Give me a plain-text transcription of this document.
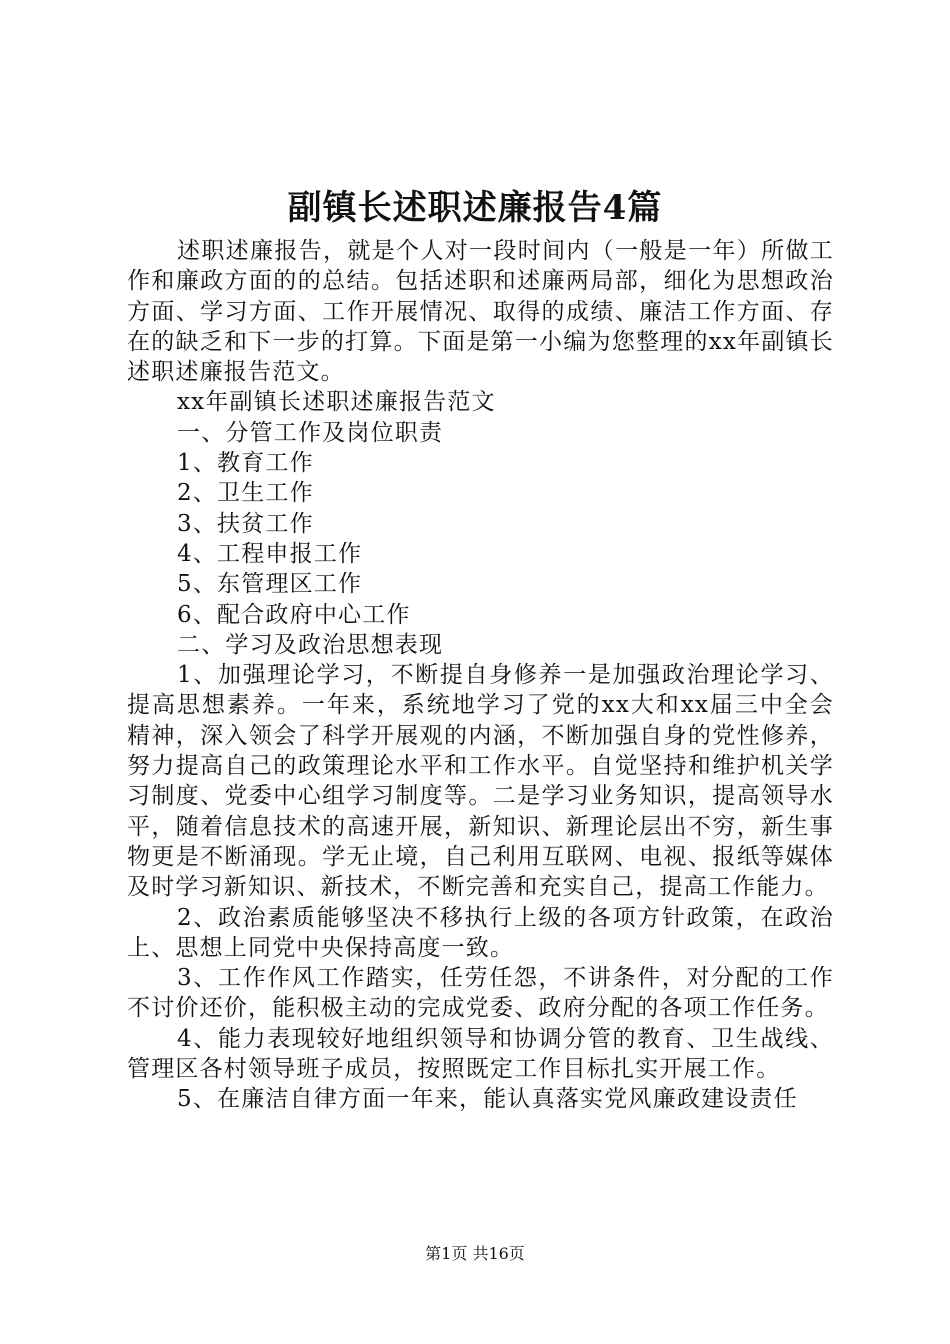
副镇长述职述廉报告4篇

述职述廉报告，就是个人对一段时间内（一般是一年）所做工作和廉政方面的的总结。包括述职和述廉两局部，细化为思想政治方面、学习方面、工作开展情况、取得的成绩、廉洁工作方面、存在的缺乏和下一步的打算。下面是第一小编为您整理的xx年副镇长述职述廉报告范文。

xx年副镇长述职述廉报告范文

一、分管工作及岗位职责

1、教育工作

2、卫生工作

3、扶贫工作

4、工程申报工作

5、东管理区工作

6、配合政府中心工作

二、学习及政治思想表现

1、加强理论学习，不断提自身修养一是加强政治理论学习、提高思想素养。一年来，系统地学习了党的xx大和xx届三中全会精神，深入领会了科学开展观的内涵，不断加强自身的党性修养，努力提高自己的政策理论水平和工作水平。自觉坚持和维护机关学习制度、党委中心组学习制度等。二是学习业务知识，提高领导水平，随着信息技术的高速开展，新知识、新理论层出不穷，新生事物更是不断涌现。学无止境，自己利用互联网、电视、报纸等媒体及时学习新知识、新技术，不断完善和充实自己，提高工作能力。

2、政治素质能够坚决不移执行上级的各项方针政策，在政治上、思想上同党中央保持高度一致。

3、工作作风工作踏实，任劳任怨，不讲条件，对分配的工作不讨价还价，能积极主动的完成党委、政府分配的各项工作任务。

4、能力表现较好地组织领导和协调分管的教育、卫生战线、管理区各村领导班子成员，按照既定工作目标扎实开展工作。

5、在廉洁自律方面一年来，能认真落实党风廉政建设责任

第1页 共16页
